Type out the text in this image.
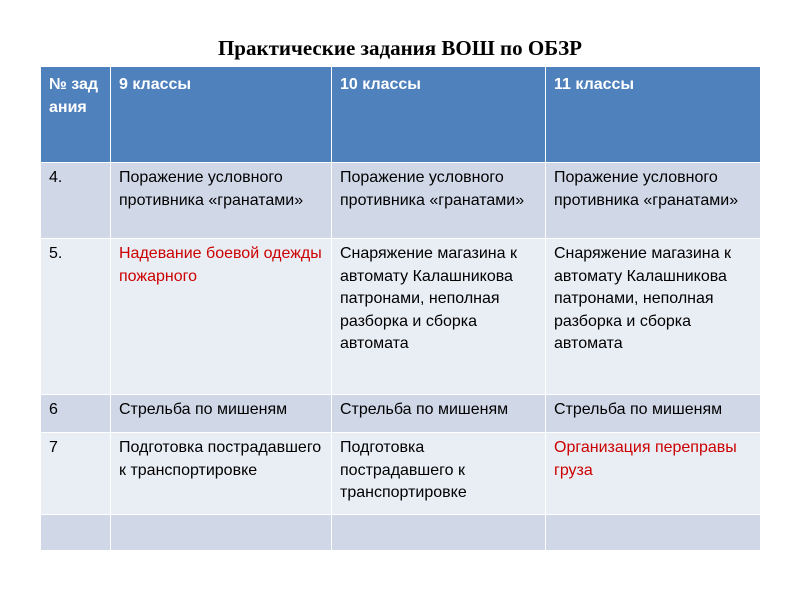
Практические задания ВОШ по ОБЗР
№ задания	9 классы	10 классы	11 классы
4.	Поражение условного противника «гранатами»	Поражение условного противника «гранатами»	Поражение условного противника «гранатами»
5.	Надевание боевой одежды пожарного	Снаряжение магазина к автомату Калашникова патронами, неполная разборка и сборка автомата	Снаряжение магазина к автомату Калашникова патронами, неполная разборка и сборка автомата
6	Стрельба по мишеням	Стрельба по мишеням	Стрельба по мишеням
7	Подготовка пострадавшего к транспортировке	Подготовка пострадавшего к транспортировке	Организация переправы груза
